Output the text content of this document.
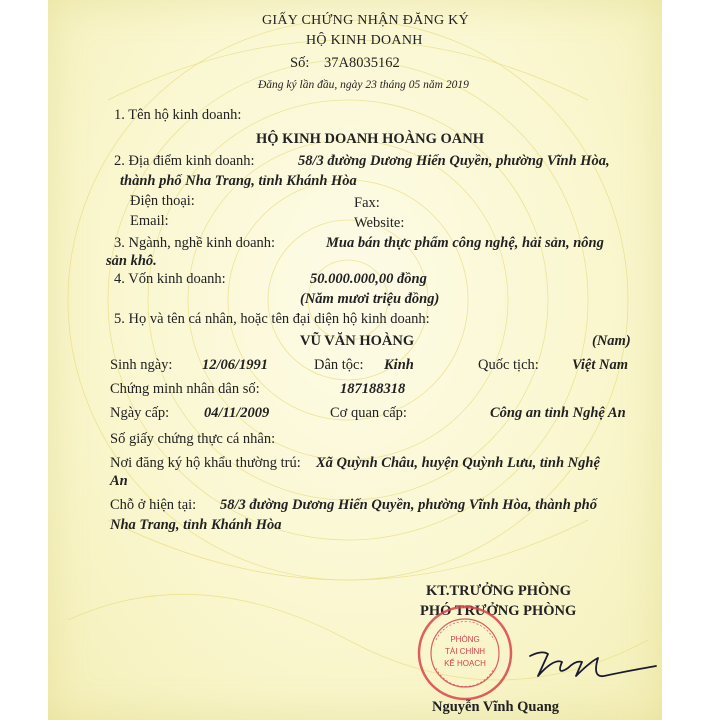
GIẤY CHỨNG NHẬN ĐĂNG KÝ
HỘ KINH DOANH
Số: 37A8035162
Đăng ký lần đầu, ngày 23 tháng 05 năm 2019
1. Tên hộ kinh doanh:
HỘ KINH DOANH HOÀNG OANH
2. Địa điểm kinh doanh:	58/3 đường Dương Hiến Quyền, phường Vĩnh Hòa,
thành phố Nha Trang, tỉnh Khánh Hòa
Điện thoại:	Fax:
Email:	Website:
3. Ngành, nghề kinh doanh:	Mua bán thực phẩm công nghệ, hải sản, nông
sản khô.
4. Vốn kinh doanh:	50.000.000,00 đồng
(Năm mươi triệu đồng)
5. Họ và tên cá nhân, hoặc tên đại diện hộ kinh doanh:
VŨ VĂN HOÀNG	(Nam)
Sinh ngày: 12/06/1991	Dân tộc: Kinh	Quốc tịch: Việt Nam
Chứng minh nhân dân số:	187188318
Ngày cấp: 04/11/2009	Cơ quan cấp:	Công an tỉnh Nghệ An
Số giấy chứng thực cá nhân:
Nơi đăng ký hộ khẩu thường trú: Xã Quỳnh Châu, huyện Quỳnh Lưu, tỉnh Nghệ
An
Chỗ ở hiện tại: 58/3 đường Dương Hiến Quyền, phường Vĩnh Hòa, thành phố
Nha Trang, tỉnh Khánh Hòa
KT.TRƯỞNG PHÒNG
PHÓ TRƯỞNG PHÒNG
PHÒNG
TÀI CHÍNH
KẾ HOẠCH
Nguyễn Vĩnh Quang
